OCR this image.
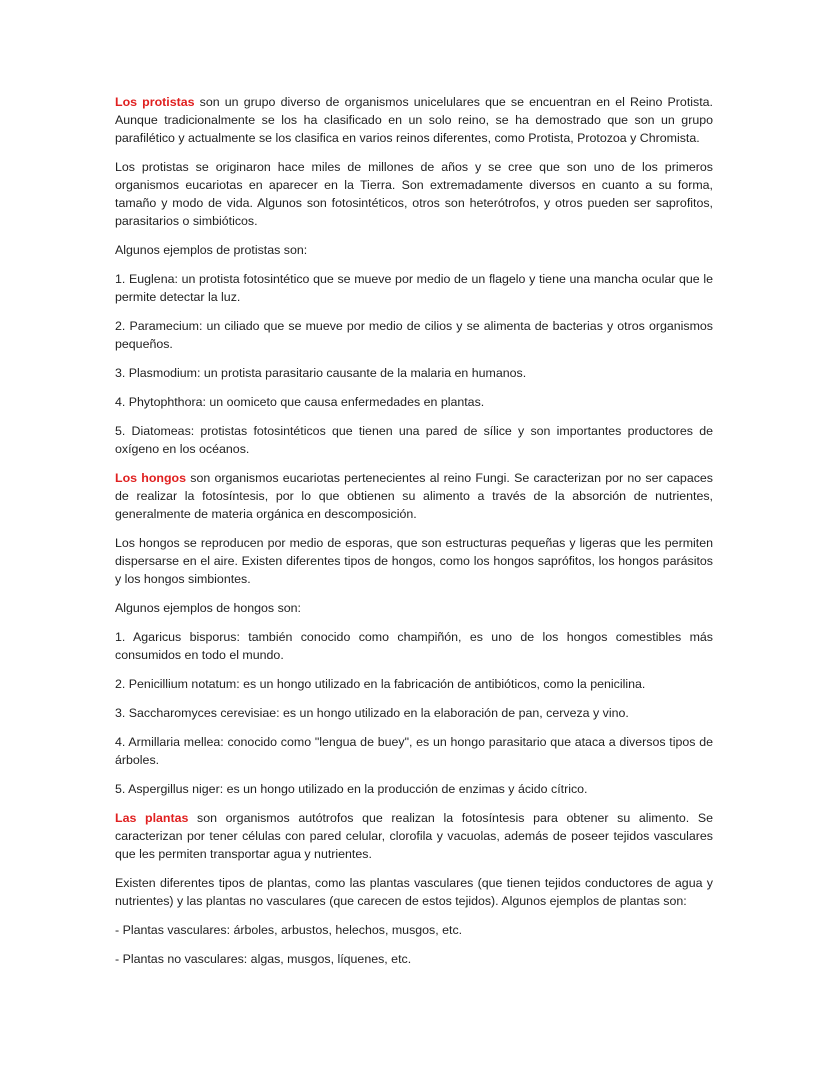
Los protistas son un grupo diverso de organismos unicelulares que se encuentran en el Reino Protista. Aunque tradicionalmente se los ha clasificado en un solo reino, se ha demostrado que son un grupo parafilético y actualmente se los clasifica en varios reinos diferentes, como Protista, Protozoa y Chromista.

Los protistas se originaron hace miles de millones de años y se cree que son uno de los primeros organismos eucariotas en aparecer en la Tierra. Son extremadamente diversos en cuanto a su forma, tamaño y modo de vida. Algunos son fotosintéticos, otros son heterótrofos, y otros pueden ser saprofitos, parasitarios o simbióticos.

Algunos ejemplos de protistas son:

1. Euglena: un protista fotosintético que se mueve por medio de un flagelo y tiene una mancha ocular que le permite detectar la luz.

2. Paramecium: un ciliado que se mueve por medio de cilios y se alimenta de bacterias y otros organismos pequeños.

3. Plasmodium: un protista parasitario causante de la malaria en humanos.

4. Phytophthora: un oomiceto que causa enfermedades en plantas.

5. Diatomeas: protistas fotosintéticos que tienen una pared de sílice y son importantes productores de oxígeno en los océanos.

Los hongos son organismos eucariotas pertenecientes al reino Fungi. Se caracterizan por no ser capaces de realizar la fotosíntesis, por lo que obtienen su alimento a través de la absorción de nutrientes, generalmente de materia orgánica en descomposición.

Los hongos se reproducen por medio de esporas, que son estructuras pequeñas y ligeras que les permiten dispersarse en el aire. Existen diferentes tipos de hongos, como los hongos saprófitos, los hongos parásitos y los hongos simbiontes.

Algunos ejemplos de hongos son:

1. Agaricus bisporus: también conocido como champiñón, es uno de los hongos comestibles más consumidos en todo el mundo.

2. Penicillium notatum: es un hongo utilizado en la fabricación de antibióticos, como la penicilina.

3. Saccharomyces cerevisiae: es un hongo utilizado en la elaboración de pan, cerveza y vino.

4. Armillaria mellea: conocido como "lengua de buey", es un hongo parasitario que ataca a diversos tipos de árboles.

5. Aspergillus niger: es un hongo utilizado en la producción de enzimas y ácido cítrico.

Las plantas son organismos autótrofos que realizan la fotosíntesis para obtener su alimento. Se caracterizan por tener células con pared celular, clorofila y vacuolas, además de poseer tejidos vasculares que les permiten transportar agua y nutrientes.

Existen diferentes tipos de plantas, como las plantas vasculares (que tienen tejidos conductores de agua y nutrientes) y las plantas no vasculares (que carecen de estos tejidos). Algunos ejemplos de plantas son:

- Plantas vasculares: árboles, arbustos, helechos, musgos, etc.

- Plantas no vasculares: algas, musgos, líquenes, etc.
